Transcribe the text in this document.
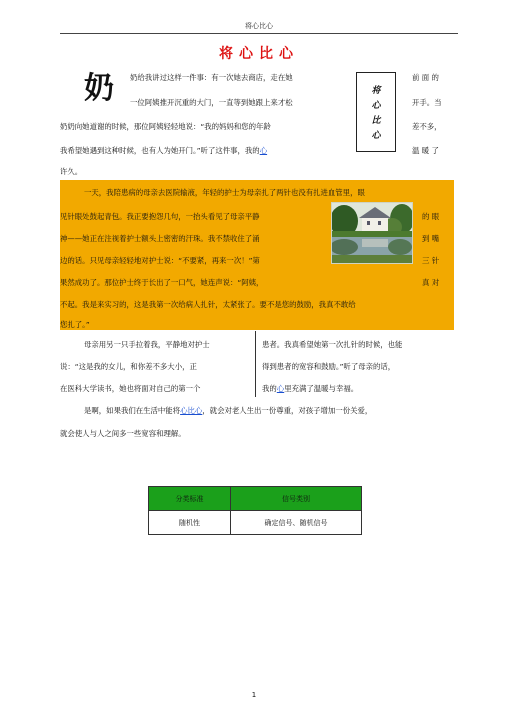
将心比心
将心比心
奶	将
心
比
心
奶给我讲过这样一件事：有一次她去商店，走在她	前 面 的
一位阿姨推开沉重的大门，一直等到她跟上来才松	开手。当
奶奶向她道谢的时候，那位阿姨轻轻地说：“我的妈妈和您的年龄	差不多，
我希望她遇到这种时候，也有人为她开门。”听了这件事，我的心	温 暖 了
许久。
一天，我陪患病的母亲去医院输液，年轻的护士为母亲扎了两针也没有扎进血管里，眼
见针眼处鼓起青包。我正要抱怨几句，一抬头看见了母亲平静	的 眼
神——她正在注视着护士额头上密密的汗珠。我不禁收住了涌	到 嘴
边的话。只见母亲轻轻地对护士说：“不要紧，再来一次！”第	三 针
果然成功了。那位护士终于长出了一口气，她连声说：“阿姨，	真 对
不起。我是来实习的，这是我第一次给病人扎针，太紧张了。要不是您的鼓励，我真不敢给
您扎了。”
母亲用另一只手拉着我，平静地对护士
说：“这是我的女儿，和你差不多大小，正
在医科大学读书，她也将面对自己的第一个
患者。我真希望她第一次扎针的时候，也能
得到患者的宽容和鼓励。”听了母亲的话，
我的心里充满了温暖与幸福。
是啊，如果我们在生活中能将心比心，就会对老人生出一份尊重，对孩子增加一份关爱，
就会使人与人之间多一些宽容和理解。
分类标准	信号类别
随机性	确定信号、随机信号
1
